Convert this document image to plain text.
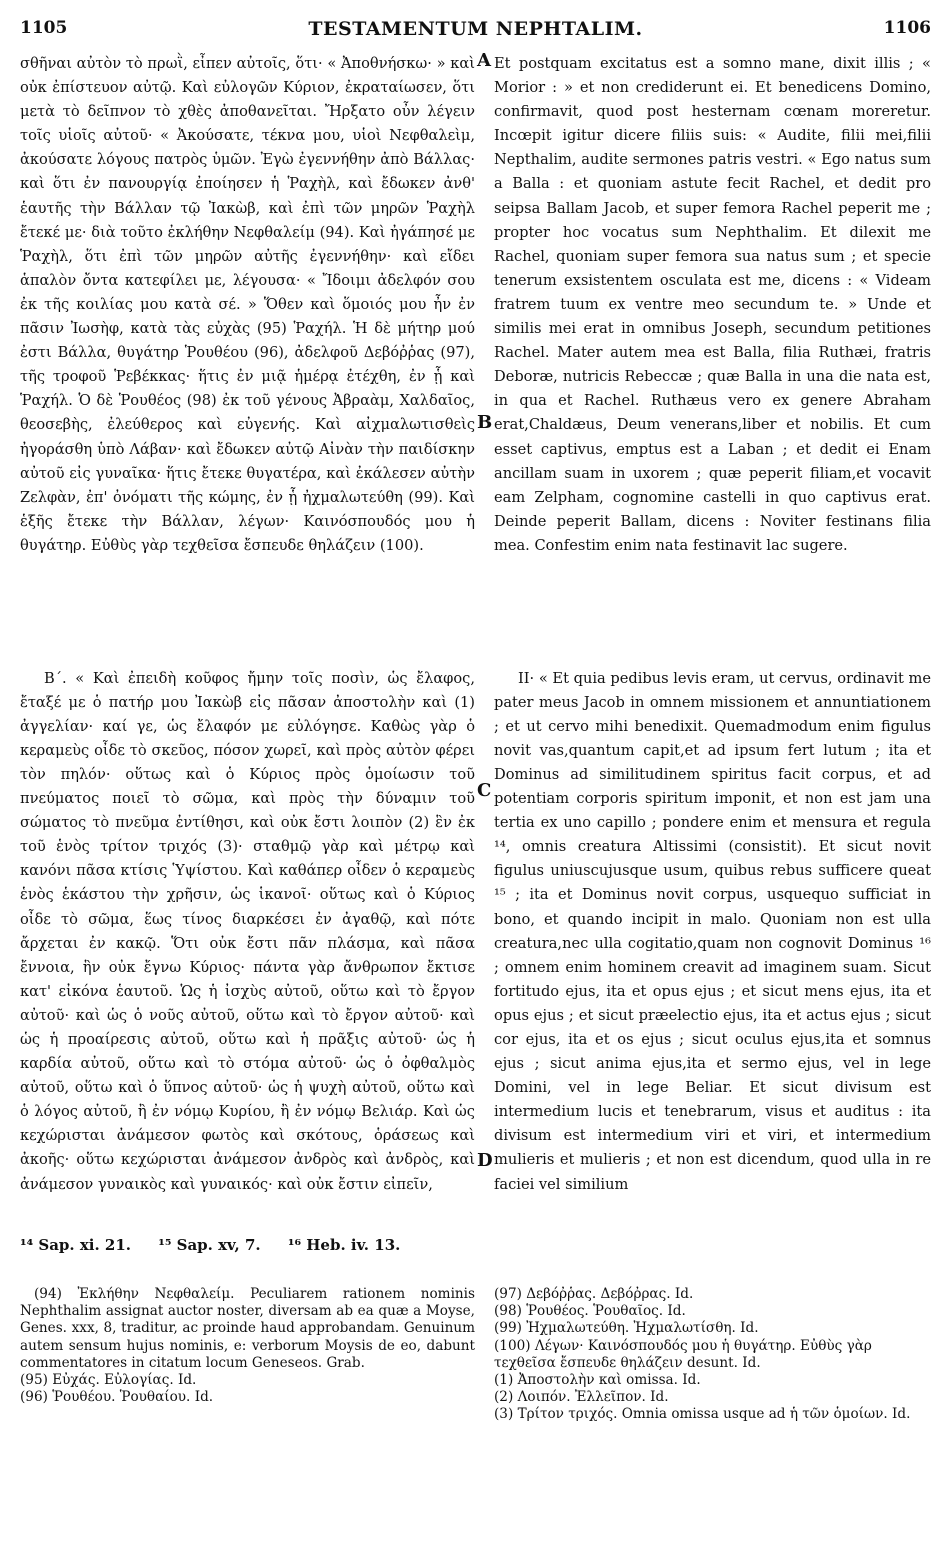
1105	TESTAMENTUM NEPHTALIM.	1106

σθῆναι αὐτὸν τὸ πρωῒ, εἶπεν αὐτοῖς, ὅτι· « Ἀποθνήσκω· » καὶ οὐκ ἐπίστευον αὐτῷ. Καὶ εὐλογῶν Κύριον, ἐκραταίωσεν, ὅτι μετὰ τὸ δεῖπνον τὸ χθὲς ἀποθανεῖται. Ἤρξατο οὖν λέγειν τοῖς υἱοῖς αὐτοῦ· « Ἀκούσατε, τέκνα μου, υἱοὶ Νεφθαλεὶμ, ἀκούσατε λόγους πατρὸς ὑμῶν. Ἐγὼ ἐγεννήθην ἀπὸ Βάλλας· καὶ ὅτι ἐν πανουργίᾳ ἐποίησεν ἡ Ῥαχὴλ, καὶ ἔδωκεν ἀνθ' ἑαυτῆς τὴν Βάλλαν τῷ Ἰακὼβ, καὶ ἐπὶ τῶν μηρῶν Ῥαχὴλ ἔτεκέ με· διὰ τοῦτο ἐκλήθην Νεφθαλείμ (94). Καὶ ἠγάπησέ με Ῥαχὴλ, ὅτι ἐπὶ τῶν μηρῶν αὐτῆς ἐγεννήθην· καὶ εἴδει ἁπαλὸν ὄντα κατεφίλει με, λέγουσα· « Ἴδοιμι ἀδελφόν σου ἐκ τῆς κοιλίας μου κατὰ σέ. » Ὅθεν καὶ ὅμοιός μου ἦν ἐν πᾶσιν Ἰωσὴφ, κατὰ τὰς εὐχὰς (95) Ῥαχήλ. Ἡ δὲ μήτηρ μού ἐστι Βάλλα, θυγάτηρ Ῥουθέου (96), ἀδελφοῦ Δεβόῤῥας (97), τῆς τροφοῦ Ῥεβέκκας· ἥτις ἐν μιᾷ ἡμέρᾳ ἐτέχθη, ἐν ᾗ καὶ Ῥαχήλ. Ὁ δὲ Ῥουθέος (98) ἐκ τοῦ γένους Ἀβραὰμ, Χαλδαῖος, θεοσεβὴς, ἐλεύθερος καὶ εὐγενής. Καὶ αἰχμαλωτισθεὶς ἠγοράσθη ὑπὸ Λάβαν· καὶ ἔδωκεν αὐτῷ Αἰνὰν τὴν παιδίσκην αὐτοῦ εἰς γυναῖκα· ἥτις ἔτεκε θυγατέρα, καὶ ἐκάλεσεν αὐτὴν Ζελφὰν, ἐπ' ὀνόματι τῆς κώμης, ἐν ᾗ ἠχμαλωτεύθη (99). Καὶ ἑξῆς ἔτεκε τὴν Βάλλαν, λέγων· Καινόσπουδός μου ἡ θυγάτηρ. Εὐθὺς γὰρ τεχθεῖσα ἔσπευδε θηλάζειν (100).

Et postquam excitatus est a somno mane, dixit illis ; « Morior : » et non crediderunt ei. Et benedicens Domino, confirmavit, quod post hesternam cœnam moreretur. Incœpit igitur dicere filiis suis: « Audite, filii mei,filii Nepthalim, audite sermones patris vestri. « Ego natus sum a Balla : et quoniam astute fecit Rachel, et dedit pro seipsa Ballam Jacob, et super femora Rachel peperit me ; propter hoc vocatus sum Nephthalim. Et dilexit me Rachel, quoniam super femora sua natus sum ; et specie tenerum exsistentem osculata est me, dicens : « Videam fratrem tuum ex ventre meo secundum te. » Unde et similis mei erat in omnibus Joseph, secundum petitiones Rachel. Mater autem mea est Balla, filia Ruthæi, fratris Deboræ, nutricis Rebeccæ ; quæ Balla in una die nata est, in qua et Rachel. Ruthæus vero ex genere Abraham erat,Chaldæus, Deum venerans,liber et nobilis. Et cum esset captivus, emptus est a Laban ; et dedit ei Enam ancillam suam in uxorem ; quæ peperit filiam,et vocavit eam Zelpham, cognomine castelli in quo captivus erat. Deinde peperit Ballam, dicens : Noviter festinans filia mea. Confestim enim nata festinavit lac sugere.

Β΄. « Καὶ ἐπειδὴ κοῦφος ἤμην τοῖς ποσὶν, ὡς ἔλαφος, ἔταξέ με ὁ πατήρ μου Ἰακὼβ εἰς πᾶσαν ἀποστολὴν καὶ (1) ἀγγελίαν· καί γε, ὡς ἔλαφόν με εὐλόγησε. Καθὼς γὰρ ὁ κεραμεὺς οἶδε τὸ σκεῦος, πόσον χωρεῖ, καὶ πρὸς αὐτὸν φέρει τὸν πηλόν· οὕτως καὶ ὁ Κύριος πρὸς ὁμοίωσιν τοῦ πνεύματος ποιεῖ τὸ σῶμα, καὶ πρὸς τὴν δύναμιν τοῦ σώματος τὸ πνεῦμα ἐντίθησι, καὶ οὐκ ἔστι λοιπὸν (2) ἓν ἐκ τοῦ ἑνὸς τρίτον τριχός (3)· σταθμῷ γὰρ καὶ μέτρῳ καὶ κανόνι πᾶσα κτίσις Ὑψίστου. Καὶ καθάπερ οἶδεν ὁ κεραμεὺς ἑνὸς ἑκάστου τὴν χρῆσιν, ὡς ἱκανοῖ· οὕτως καὶ ὁ Κύριος οἶδε τὸ σῶμα, ἕως τίνος διαρκέσει ἐν ἀγαθῷ, καὶ πότε ἄρχεται ἐν κακῷ. Ὅτι οὐκ ἔστι πᾶν πλάσμα, καὶ πᾶσα ἔννοια, ἣν οὐκ ἔγνω Κύριος· πάντα γὰρ ἄνθρωπον ἔκτισε κατ' εἰκόνα ἑαυτοῦ. Ὡς ἡ ἰσχὺς αὐτοῦ, οὕτω καὶ τὸ ἔργον αὐτοῦ· καὶ ὡς ὁ νοῦς αὐτοῦ, οὕτω καὶ τὸ ἔργον αὐτοῦ· καὶ ὡς ἡ προαίρεσις αὐτοῦ, οὕτω καὶ ἡ πρᾶξις αὐτοῦ· ὡς ἡ καρδία αὐτοῦ, οὕτω καὶ τὸ στόμα αὐτοῦ· ὡς ὁ ὀφθαλμὸς αὐτοῦ, οὕτω καὶ ὁ ὕπνος αὐτοῦ· ὡς ἡ ψυχὴ αὐτοῦ, οὕτω καὶ ὁ λόγος αὐτοῦ, ἢ ἐν νόμῳ Κυρίου, ἢ ἐν νόμῳ Βελιάρ. Καὶ ὡς κεχώρισται ἀνάμεσον φωτὸς καὶ σκότους, ὁράσεως καὶ ἀκοῆς· οὕτω κεχώρισται ἀνάμεσον ἀνδρὸς καὶ ἀνδρὸς, καὶ ἀνάμεσον γυναικὸς καὶ γυναικός· καὶ οὐκ ἔστιν εἰπεῖν,

II· « Et quia pedibus levis eram, ut cervus, ordinavit me pater meus Jacob in omnem missionem et annuntiationem ; et ut cervo mihi benedixit. Quemadmodum enim figulus novit vas,quantum capit,et ad ipsum fert lutum ; ita et Dominus ad similitudinem spiritus facit corpus, et ad potentiam corporis spiritum imponit, et non est jam una tertia ex uno capillo ; pondere enim et mensura et regula ¹⁴, omnis creatura Altissimi (consistit). Et sicut novit figulus uniuscujusque usum, quibus rebus sufficere queat ¹⁵ ; ita et Dominus novit corpus, usquequo sufficiat in bono, et quando incipit in malo. Quoniam non est ulla creatura,nec ulla cogitatio,quam non cognovit Dominus ¹⁶ ; omnem enim hominem creavit ad imaginem suam. Sicut fortitudo ejus, ita et opus ejus ; et sicut mens ejus, ita et opus ejus ; et sicut præelectio ejus, ita et actus ejus ; sicut cor ejus, ita et os ejus ; sicut oculus ejus,ita et somnus ejus ; sicut anima ejus,ita et sermo ejus, vel in lege Domini, vel in lege Beliar. Et sicut divisum est intermedium lucis et tenebrarum, visus et auditus : ita divisum est intermedium viri et viri, et intermedium mulieris et mulieris ; et non est dicendum, quod ulla in re faciei vel similium

A
B
C
D
¹⁴ Sap. xi. 21. ¹⁵ Sap. xv, 7. ¹⁶ Heb. iv. 13.

(94) Ἐκλήθην Νεφθαλείμ. Peculiarem rationem nominis Nephthalim assignat auctor noster, diversam ab ea quæ a Moyse, Genes. xxx, 8, traditur, ac proinde haud approbandam. Genuinum autem sensum hujus nominis, e: verborum Moysis de eo, dabunt commentatores in citatum locum Geneseos. Grab.

(95) Εὐχάς. Εὐλογίας. Id.

(96) Ῥουθέου. Ῥουθαίου. Id.

(97) Δεβόῤῥας. Δεβόῤρας. Id.

(98) Ῥουθέος. Ῥουθαῖος. Id.

(99) Ἠχμαλωτεύθη. Ἠχμαλωτίσθη. Id.

(100) Λέγων· Καινόσπουδός μου ἡ θυγάτηρ. Εὐθὺς γὰρ τεχθεῖσα ἔσπευδε θηλάζειν desunt. Id.

(1) Ἀποστολὴν καὶ omissa. Id.

(2) Λοιπόν. Ἐλλεῖπον. Id.

(3) Τρίτον τριχός. Omnia omissa usque ad ἡ τῶν ὁμοίων. Id.
